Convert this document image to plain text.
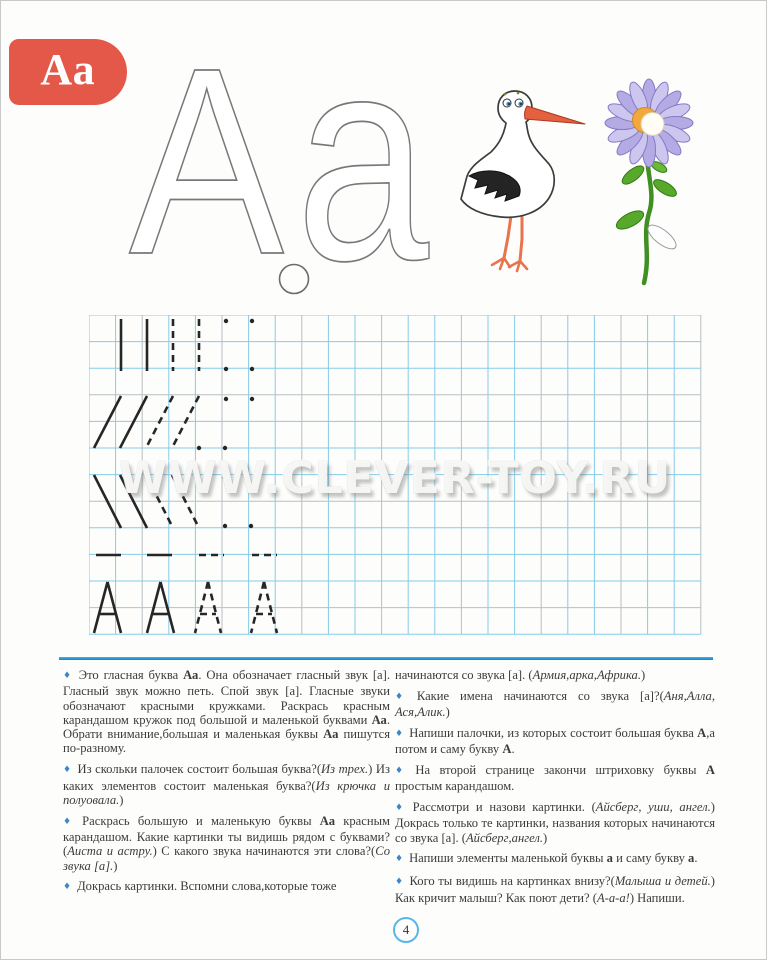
Аа А а
WWW.CLEVER-TOY.RU

♦ Это гласная буква Аа. Она обозначает гласный звук [а]. Гласный звук можно петь. Спой звук [а]. Гласные звуки обозначают красными кружками. Раскрась красным карандашом кружок под большой и маленькой буквами Аа. Обрати внимание,большая и маленькая буквы Аа пишутся по-разному.

♦ Из скольки палочек состоит большая буква?(Из трех.) Из каких элементов состоит маленькая буква?(Из крючка и полуовала.)

♦ Раскрась большую и маленькую буквы Аа красным карандашом. Какие картинки ты видишь рядом с буквами?(Аиста и астру.) С какого звука начинаются эти слова?(Со звука [а].)

♦ Докрась картинки. Вспомни слова,которые тоже

начинаются со звука [а]. (Армия,арка,Африка.)

♦ Какие имена начинаются со звука [а]?(Аня,Алла, Ася,Алик.)

♦ Напиши палочки, из которых состоит большая буква А,а потом и саму букву А.

♦ На второй странице закончи штриховку буквы А простым карандашом.

♦ Рассмотри и назови картинки. (Айсберг, уши, ангел.) Докрась только те картинки, названия которых начинаются со звука [а]. (Айсберг,ангел.)

♦ Напиши элементы маленькой буквы а и саму букву а.

♦ Кого ты видишь на картинках внизу?(Малыша и детей.) Как кричит малыш? Как поют дети? (А-а-а!) Напиши.

4
